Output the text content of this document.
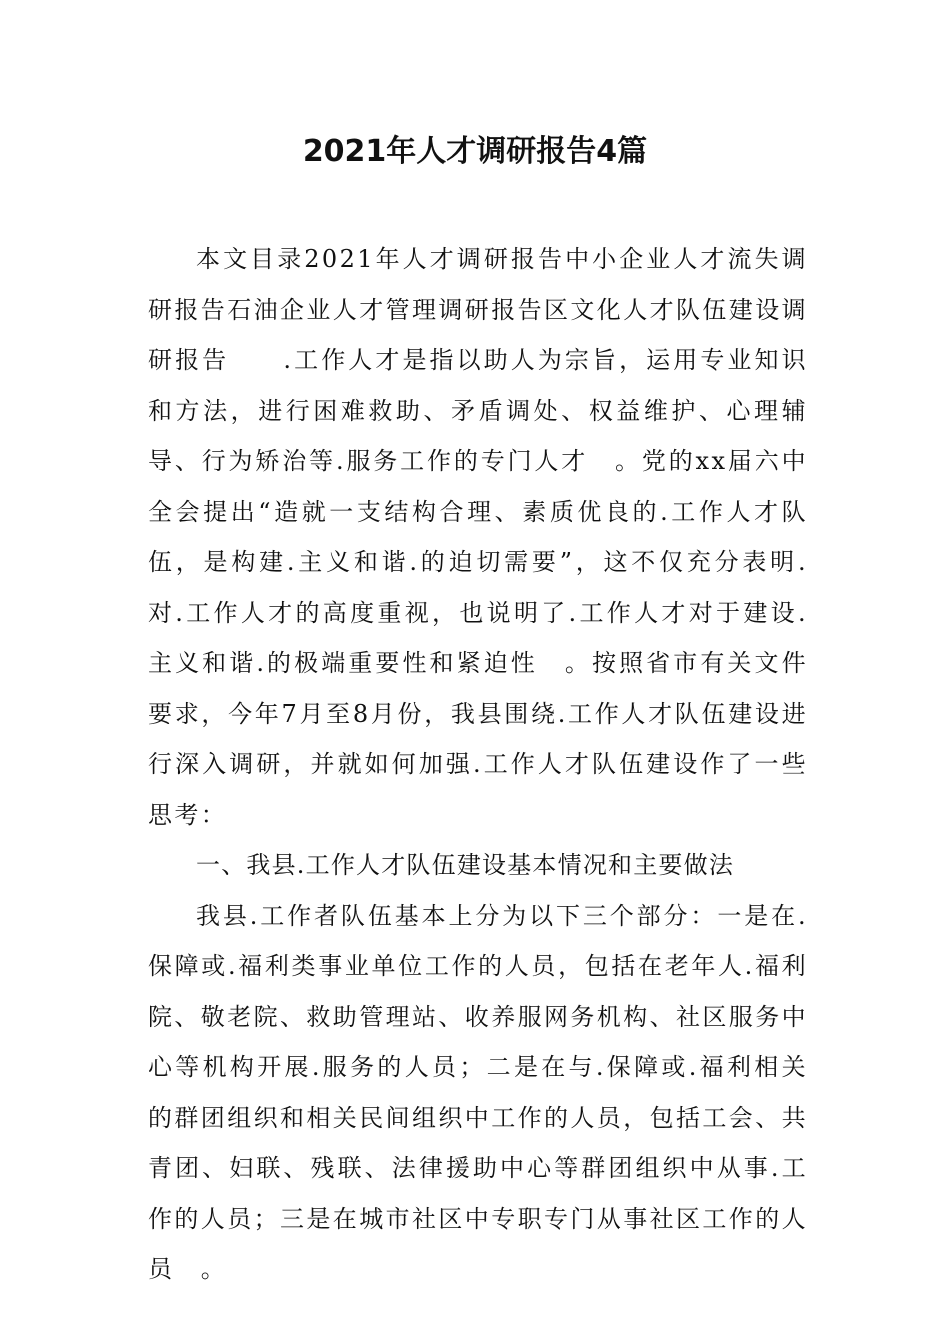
2021年人才调研报告4篇

本文目录2021年人才调研报告中小企业人才流失调研报告石油企业人才管理调研报告区文化人才队伍建设调研报告　　.工作人才是指以助人为宗旨，运用专业知识和方法，进行困难救助、矛盾调处、权益维护、心理辅导、行为矫治等.服务工作的专门人才　。党的xx届六中全会提出“造就一支结构合理、素质优良的.工作人才队伍，是构建.主义和谐.的迫切需要”，这不仅充分表明.对.工作人才的高度重视，也说明了.工作人才对于建设.主义和谐.的极端重要性和紧迫性　。按照省市有关文件要求，今年7月至8月份，我县围绕.工作人才队伍建设进行深入调研，并就如何加强.工作人才队伍建设作了一些思考：

一、我县.工作人才队伍建设基本情况和主要做法

我县.工作者队伍基本上分为以下三个部分：一是在.保障或.福利类事业单位工作的人员，包括在老年人.福利院、敬老院、救助管理站、收养服网务机构、社区服务中心等机构开展.服务的人员；二是在与.保障或.福利相关的群团组织和相关民间组织中工作的人员，包括工会、共青团、妇联、残联、法律援助中心等群团组织中从事.工作的人员；三是在城市社区中专职专门从事社区工作的人员　。
